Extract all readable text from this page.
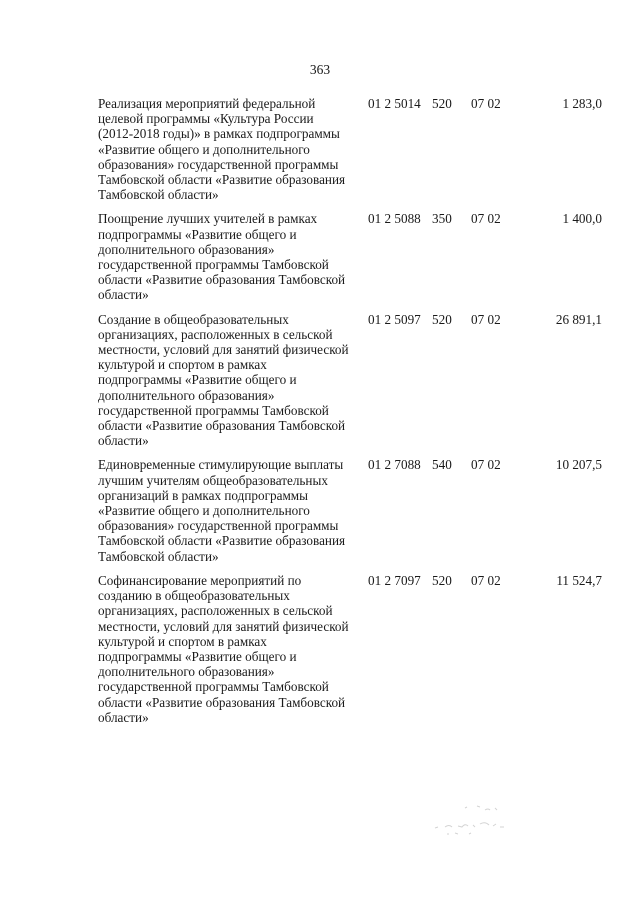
363
Реализация мероприятий федеральной
целевой программы «Культура России
(2012-2018 годы)» в рамках подпрограммы
«Развитие общего и дополнительного
образования» государственной программы
Тамбовской области «Развитие образования
Тамбовской области»
01 2 5014 520 07 02	1 283,0
Поощрение лучших учителей в рамках
подпрограммы «Развитие общего и
дополнительного образования»
государственной программы Тамбовской
области «Развитие образования Тамбовской
области»
01 2 5088 350 07 02	1 400,0
Создание в общеобразовательных
организациях, расположенных в сельской
местности, условий для занятий физической
культурой и спортом в рамках
подпрограммы «Развитие общего и
дополнительного образования»
государственной программы Тамбовской
области «Развитие образования Тамбовской
области»
01 2 5097 520 07 02	26 891,1
Единовременные стимулирующие выплаты
лучшим учителям общеобразовательных
организаций в рамках подпрограммы
«Развитие общего и дополнительного
образования» государственной программы
Тамбовской области «Развитие образования
Тамбовской области»
01 2 7088 540 07 02	10 207,5
Софинансирование мероприятий по
созданию в общеобразовательных
организациях, расположенных в сельской
местности, условий для занятий физической
культурой и спортом в рамках
подпрограммы «Развитие общего и
дополнительного образования»
государственной программы Тамбовской
области «Развитие образования Тамбовской
области»
01 2 7097 520 07 02	11 524,7
